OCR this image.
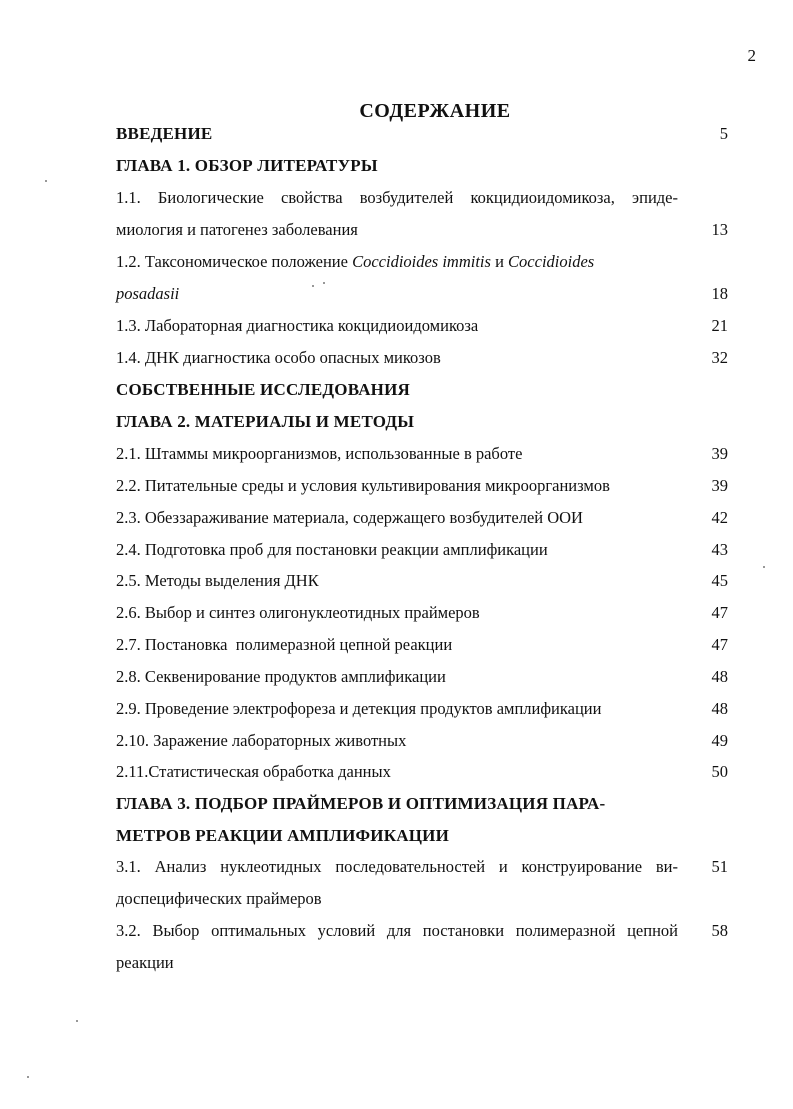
2
СОДЕРЖАНИЕ
ВВЕДЕНИЕ	5
ГЛАВА 1. ОБЗОР ЛИТЕРАТУРЫ
1.1. Биологические свойства возбудителей кокцидиоидомикоза, эпиде-
миология и патогенез заболевания	13
1.2. Таксономическое положение Coccidioides immitis и Coccidioides
posadasii	18
1.3. Лабораторная диагностика кокцидиоидомикоза	21
1.4. ДНК диагностика особо опасных микозов	32
СОБСТВЕННЫЕ ИССЛЕДОВАНИЯ
ГЛАВА 2. МАТЕРИАЛЫ И МЕТОДЫ
2.1. Штаммы микроорганизмов, использованные в работе	39
2.2. Питательные среды и условия культивирования микроорганизмов	39
2.3. Обеззараживание материала, содержащего возбудителей ООИ	42
2.4. Подготовка проб для постановки реакции амплификации	43
2.5. Методы выделения ДНК	45
2.6. Выбор и синтез олигонуклеотидных праймеров	47
2.7. Постановка  полимеразной цепной реакции	47
2.8. Секвенирование продуктов амплификации	48
2.9. Проведение электрофореза и детекция продуктов амплификации	48
2.10. Заражение лабораторных животных	49
2.11.Статистическая обработка данных	50
ГЛАВА 3. ПОДБОР ПРАЙМЕРОВ И ОПТИМИЗАЦИЯ ПАРА-
МЕТРОВ РЕАКЦИИ АМПЛИФИКАЦИИ
3.1. Анализ нуклеотидных последовательностей и конструирование ви-	51
доспецифических праймеров
3.2. Выбор оптимальных условий для постановки полимеразной цепной	58
реакции
